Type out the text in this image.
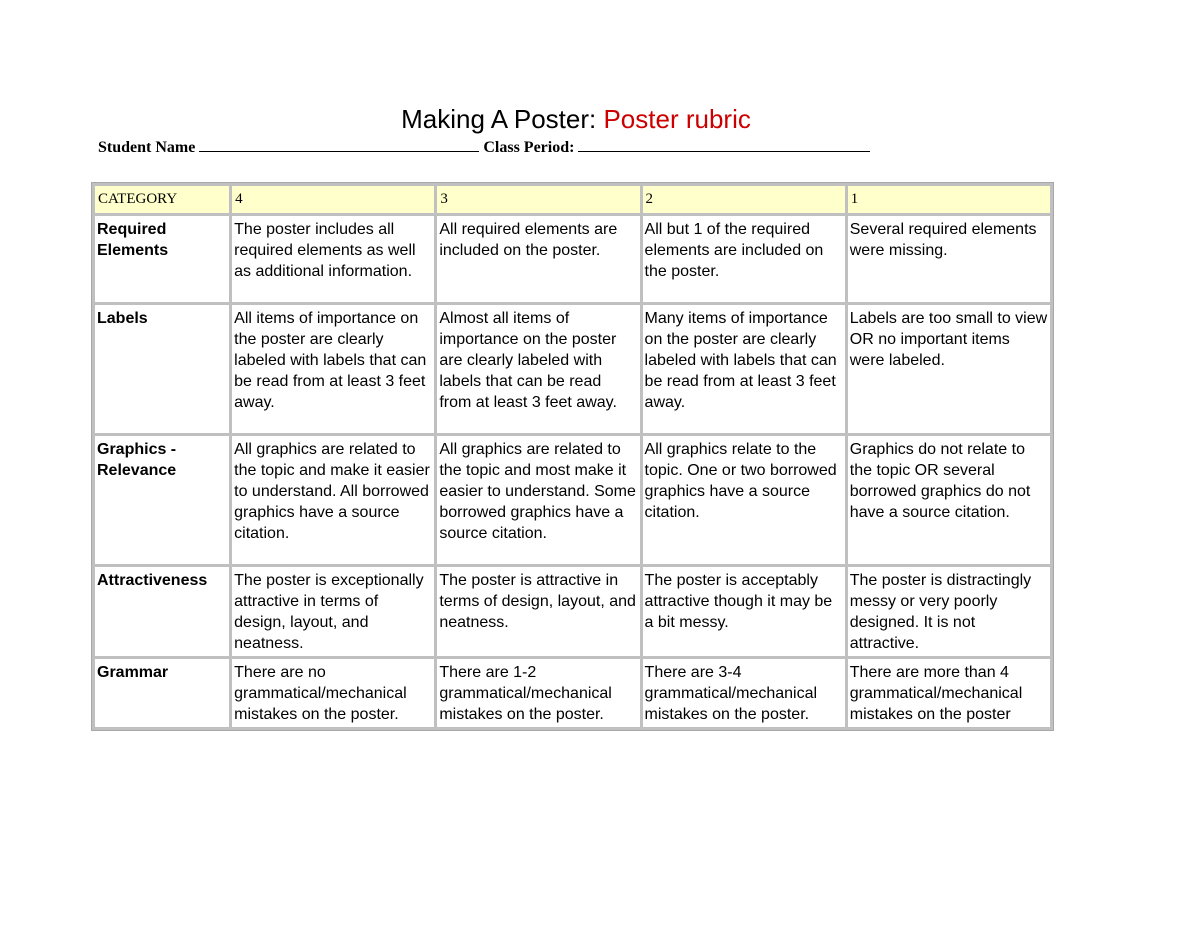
Making A Poster: Poster rubric
Student Name	Class Period:
CATEGORY	4	3	2	1
Required Elements	The poster includes all required elements as well as additional information.	All required elements are included on the poster.	All but 1 of the required elements are included on the poster.	Several required elements were missing.
Labels	All items of importance on the poster are clearly labeled with labels that can be read from at least 3 feet away.	Almost all items of importance on the poster are clearly labeled with labels that can be read from at least 3 feet away.	Many items of importance on the poster are clearly labeled with labels that can be read from at least 3 feet away.	Labels are too small to view OR no important items were labeled.
Graphics - Relevance	All graphics are related to the topic and make it easier to understand. All borrowed graphics have a source citation.	All graphics are related to the topic and most make it easier to understand. Some borrowed graphics have a source citation.	All graphics relate to the topic. One or two borrowed graphics have a source citation.	Graphics do not relate to the topic OR several borrowed graphics do not have a source citation.
Attractiveness	The poster is exceptionally attractive in terms of design, layout, and neatness.	The poster is attractive in terms of design, layout, and neatness.	The poster is acceptably attractive though it may be a bit messy.	The poster is distractingly messy or very poorly designed. It is not attractive.
Grammar	There are no grammatical/mechanical mistakes on the poster.	There are 1-2 grammatical/mechanical mistakes on the poster.	There are 3-4 grammatical/mechanical mistakes on the poster.	There are more than 4 grammatical/mechanical mistakes on the poster
